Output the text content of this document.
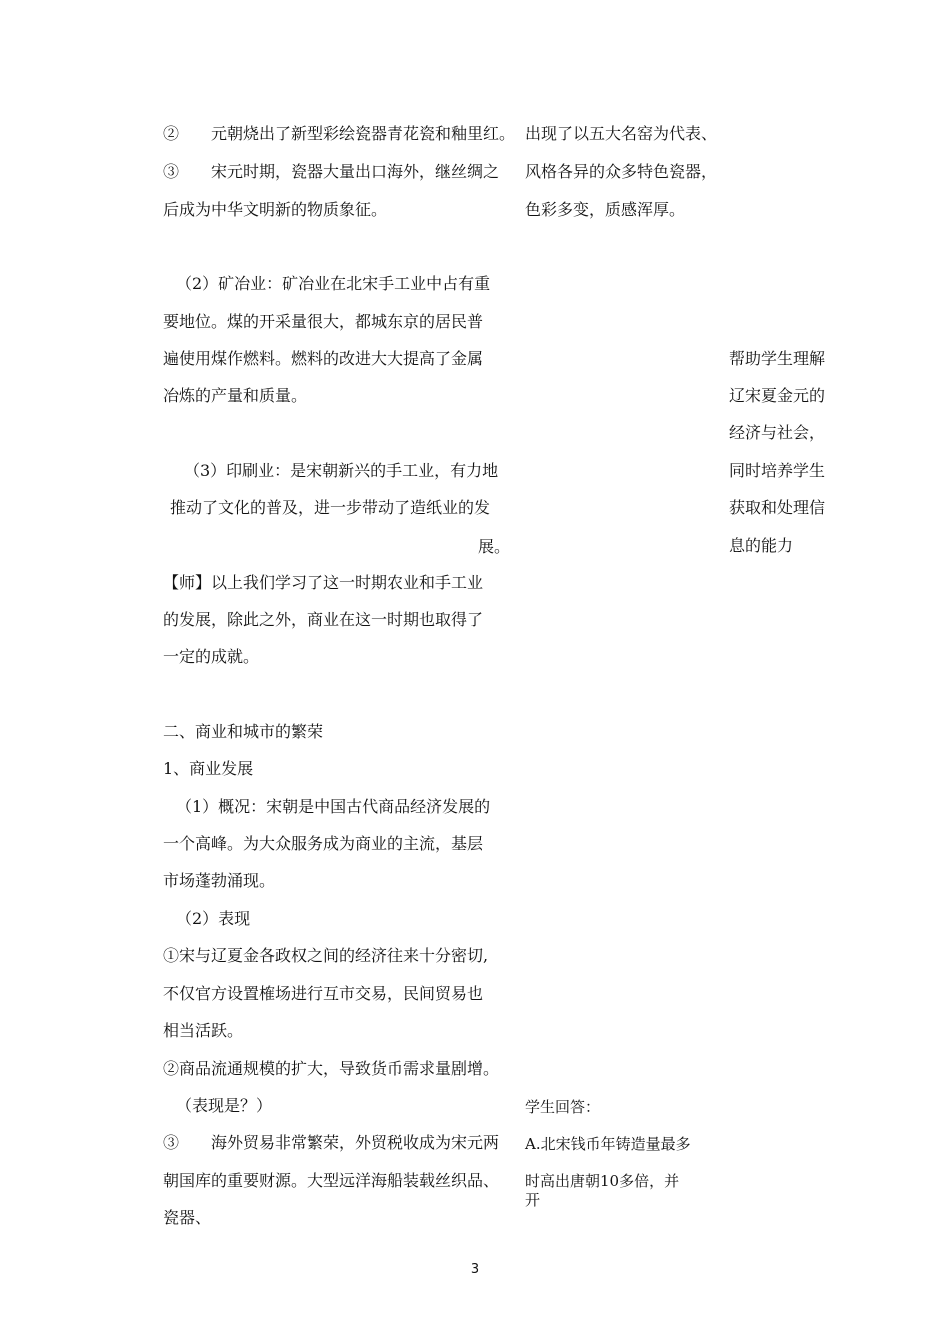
②　　元朝烧出了新型彩绘瓷器青花瓷和釉里红。
③　　宋元时期，瓷器大量出口海外，继丝绸之
后成为中华文明新的物质象征。
（2）矿冶业：矿冶业在北宋手工业中占有重
要地位。煤的开采量很大，都城东京的居民普
遍使用煤作燃料。燃料的改进大大提高了金属
冶炼的产量和质量。
（3）印刷业：是宋朝新兴的手工业，有力地
推动了文化的普及，进一步带动了造纸业的发
展。
【师】以上我们学习了这一时期农业和手工业
的发展，除此之外，商业在这一时期也取得了
一定的成就。
二、商业和城市的繁荣
1、商业发展
（1）概况：宋朝是中国古代商品经济发展的
一个高峰。为大众服务成为商业的主流，基层
市场蓬勃涌现。
（2）表现
①宋与辽夏金各政权之间的经济往来十分密切,
不仅官方设置榷场进行互市交易，民间贸易也
相当活跃。
②商品流通规模的扩大，导致货币需求量剧增。
（表现是？）
③　　海外贸易非常繁荣，外贸税收成为宋元两
朝国库的重要财源。大型远洋海船装载丝织品、
瓷器、
出现了以五大名窑为代表、
风格各异的众多特色瓷器，
色彩多变，质感浑厚。
学生回答：
A.北宋钱币年铸造量最多
时高出唐朝10多倍，并
开
帮助学生理解
辽宋夏金元的
经济与社会，
同时培养学生
获取和处理信
息的能力
3
